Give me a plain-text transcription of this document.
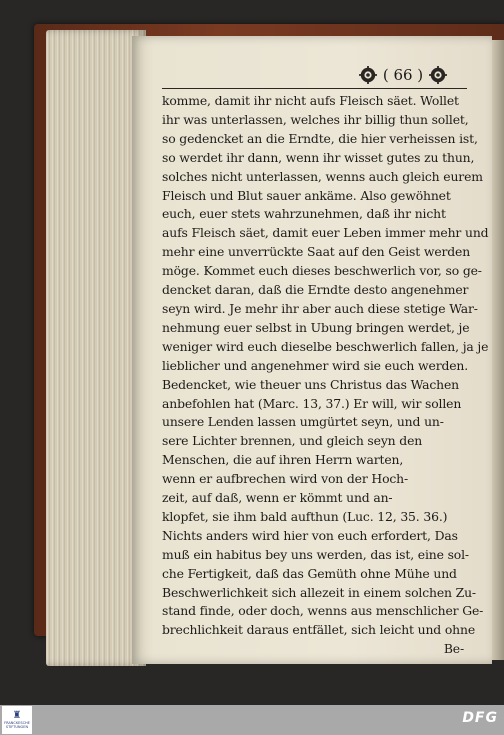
( 66 )
komme, damit ihr nicht aufs Fleisch säet. Wollet
ihr was unterlassen, welches ihr billig thun sollet,
so gedencket an die Erndte, die hier verheissen ist,
so werdet ihr dann, wenn ihr wisset gutes zu thun,
solches nicht unterlassen, wenns auch gleich eurem
Fleisch und Blut sauer ankäme. Also gewöhnet
euch, euer stets wahrzunehmen, daß ihr nicht
aufs Fleisch säet, damit euer Leben immer mehr und
mehr eine unverrückte Saat auf den Geist werden
möge. Kommet euch dieses beschwerlich vor, so ge-
dencket daran, daß die Erndte desto angenehmer
seyn wird. Je mehr ihr aber auch diese stetige War-
nehmung euer selbst in Ubung bringen werdet, je
weniger wird euch dieselbe beschwerlich fallen, ja je
lieblicher und angenehmer wird sie euch werden.
Bedencket, wie theuer uns Christus das Wachen
anbefohlen hat (Marc. 13, 37.) Er will, wir sollen
unsere Lenden lassen umgürtet seyn, und un-
sere Lichter brennen, und gleich seyn den
Menschen, die auf ihren Herrn warten,
wenn er aufbrechen wird von der Hoch-
zeit, auf daß, wenn er kömmt und an-
klopfet, sie ihm bald aufthun (Luc. 12, 35. 36.)
Nichts anders wird hier von euch erfordert, Das
muß ein habitus bey uns werden, das ist, eine sol-
che Fertigkeit, daß das Gemüth ohne Mühe und
Beschwerlichkeit sich allezeit in einem solchen Zu-
stand finde, oder doch, wenns aus menschlicher Ge-
brechlichkeit daraus entfället, sich leicht und ohne
Be-
♜
FRANCKESCHE STIFTUNGEN
DFG
